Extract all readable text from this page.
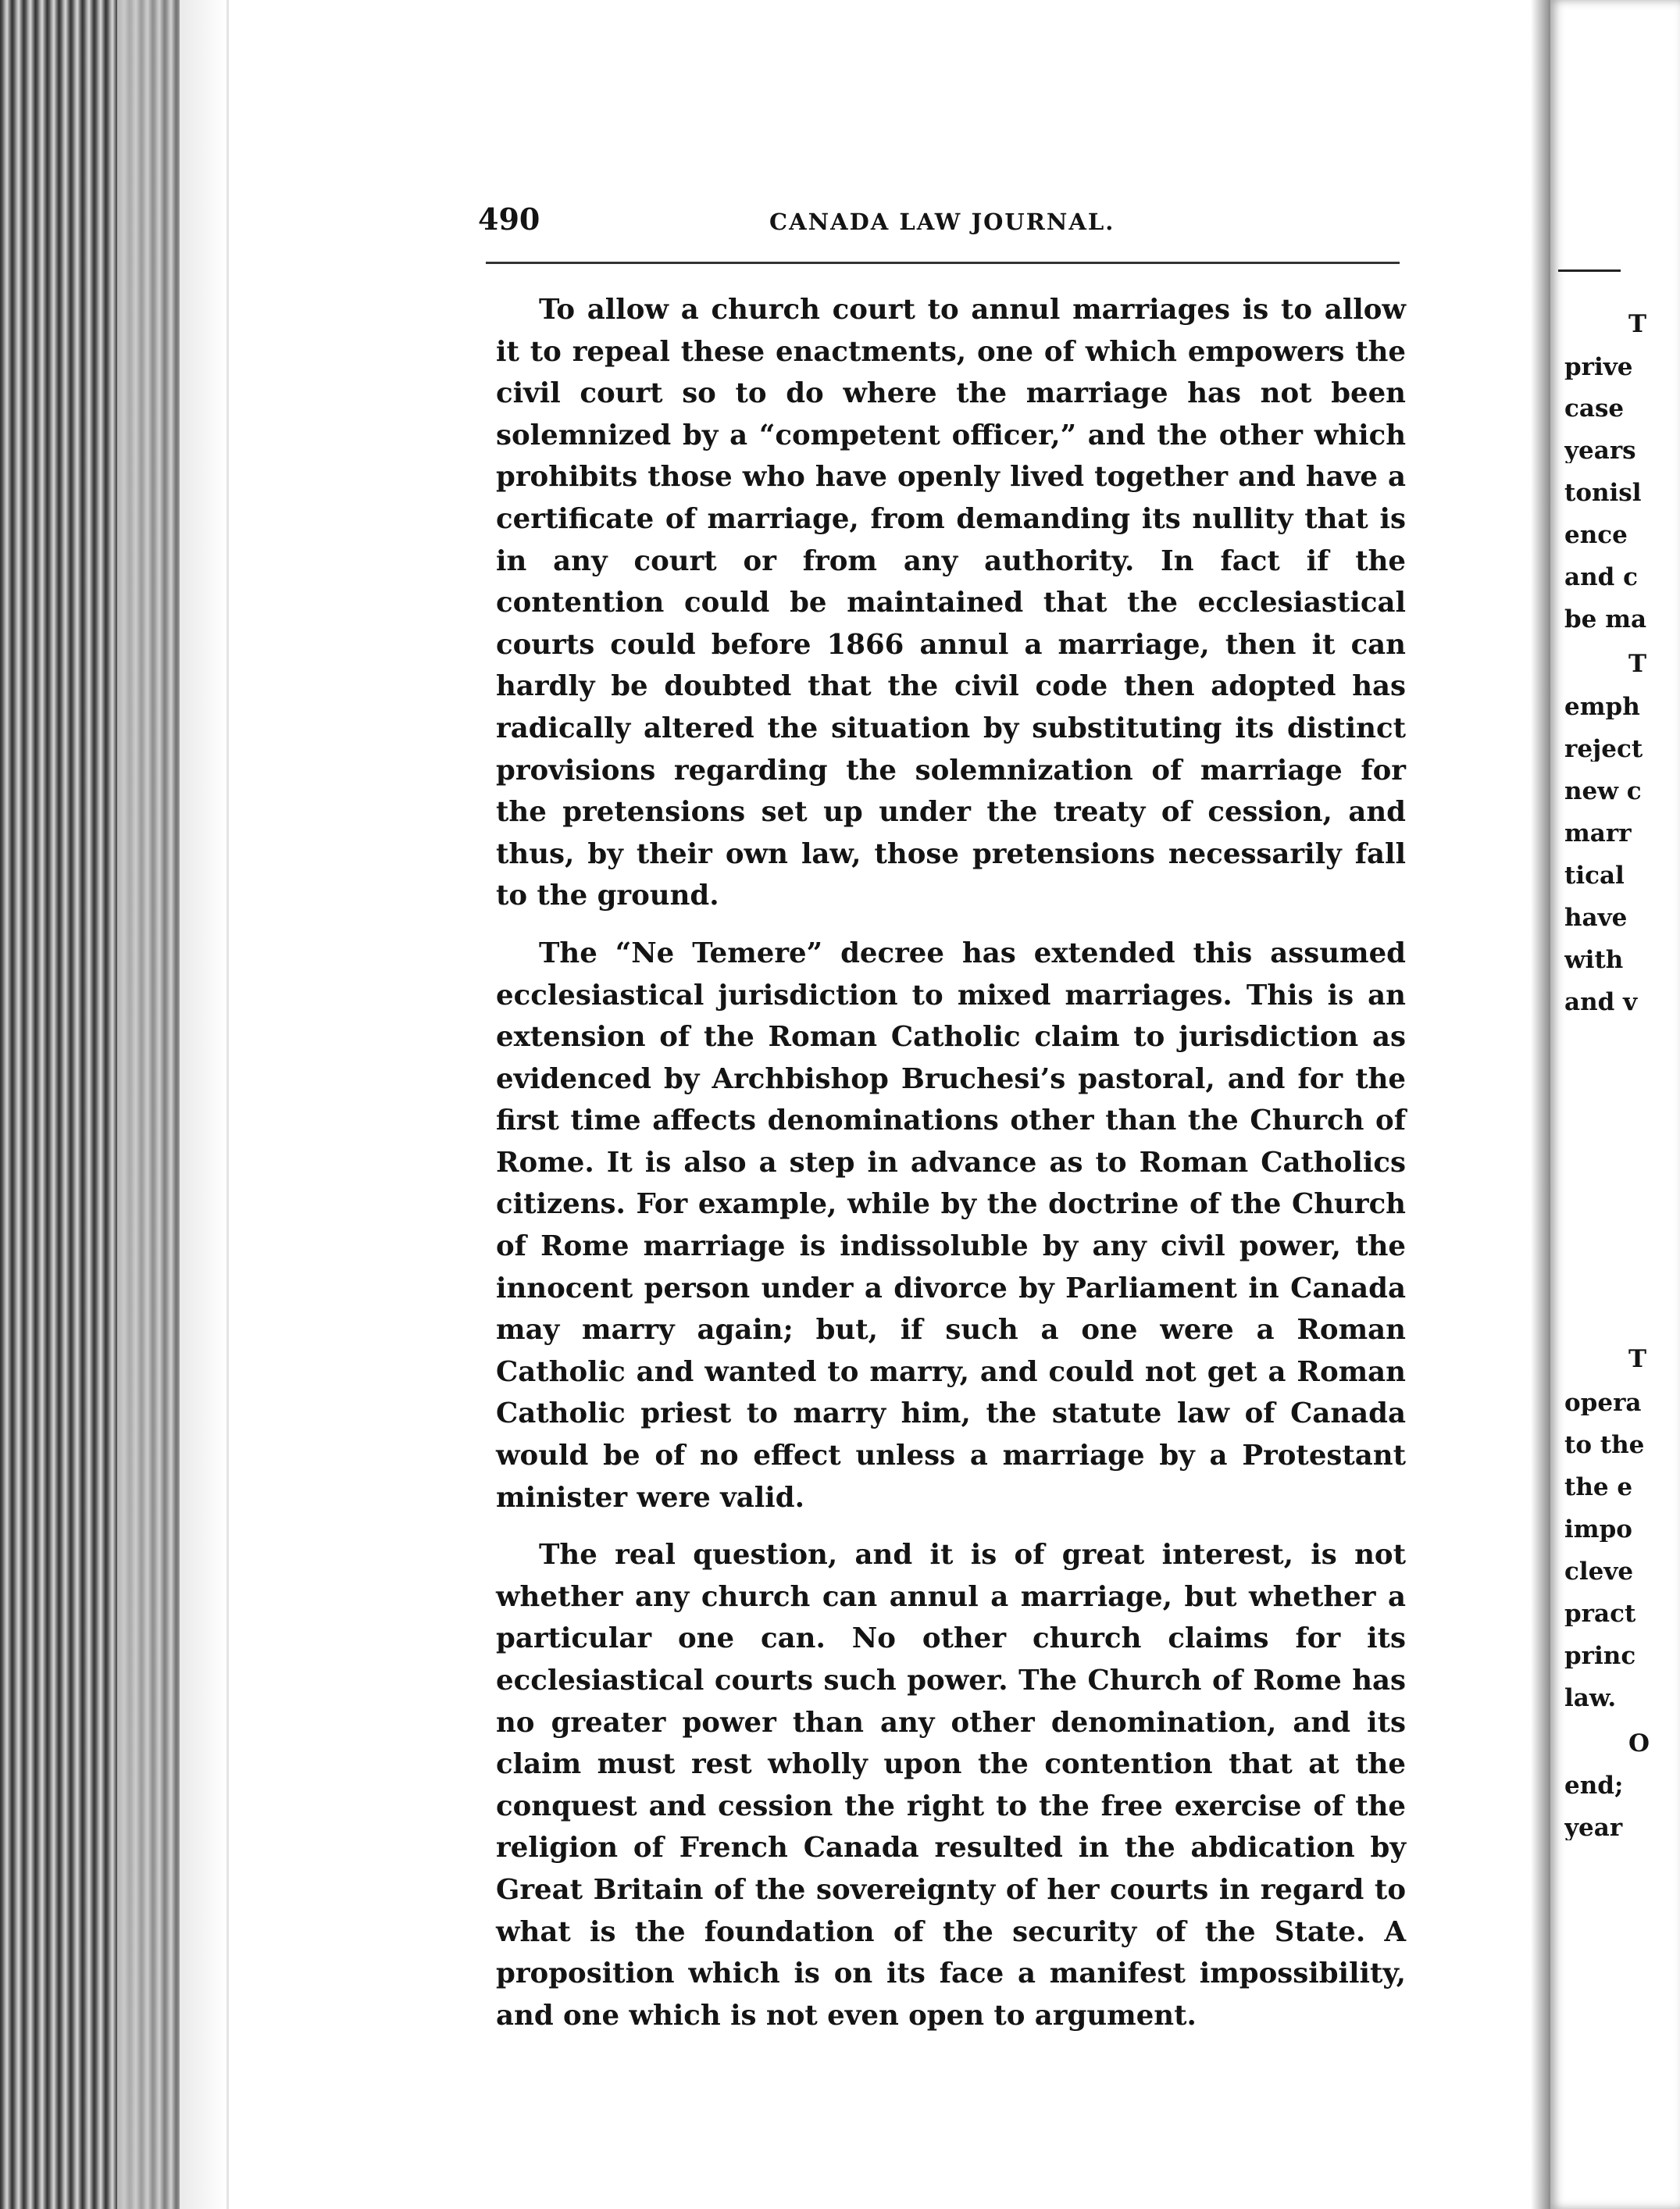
T
prive
case
years
tonisl
ence
and c
be ma
T
emph
reject
new c
marr
tical
have
with
and v
T
opera
to the
the e
impo
cleve
pract
princ
law.
O
end;
year
490	CANADA LAW JOURNAL.

To allow a church court to annul marriages is to allow it to repeal these enactments, one of which empowers the civil court so to do where the marriage has not been solemnized by a “competent officer,” and the other which prohibits those who have openly lived together and have a certificate of marriage, from demanding its nullity that is in any court or from any authority. In fact if the contention could be maintained that the ecclesiastical courts could before 1866 annul a marriage, then it can hardly be doubted that the civil code then adopted has radically altered the situation by substituting its distinct provisions regarding the solemnization of marriage for the pretensions set up under the treaty of cession, and thus, by their own law, those pretensions necessarily fall to the ground.

The “Ne Temere” decree has extended this assumed ecclesiastical jurisdiction to mixed marriages. This is an extension of the Roman Catholic claim to jurisdiction as evidenced by Archbishop Bruchesi’s pastoral, and for the first time affects denominations other than the Church of Rome. It is also a step in advance as to Roman Catholics citizens. For example, while by the doctrine of the Church of Rome marriage is indissoluble by any civil power, the innocent person under a divorce by Parliament in Canada may marry again; but, if such a one were a Roman Catholic and wanted to marry, and could not get a Roman Catholic priest to marry him, the statute law of Canada would be of no effect unless a marriage by a Protestant minister were valid.

The real question, and it is of great interest, is not whether any church can annul a marriage, but whether a particular one can. No other church claims for its ecclesiastical courts such power. The Church of Rome has no greater power than any other denomination, and its claim must rest wholly upon the contention that at the conquest and cession the right to the free exercise of the religion of French Canada resulted in the abdication by Great Britain of the sovereignty of her courts in regard to what is the foundation of the security of the State. A proposition which is on its face a manifest impossibility, and one which is not even open to argument.
